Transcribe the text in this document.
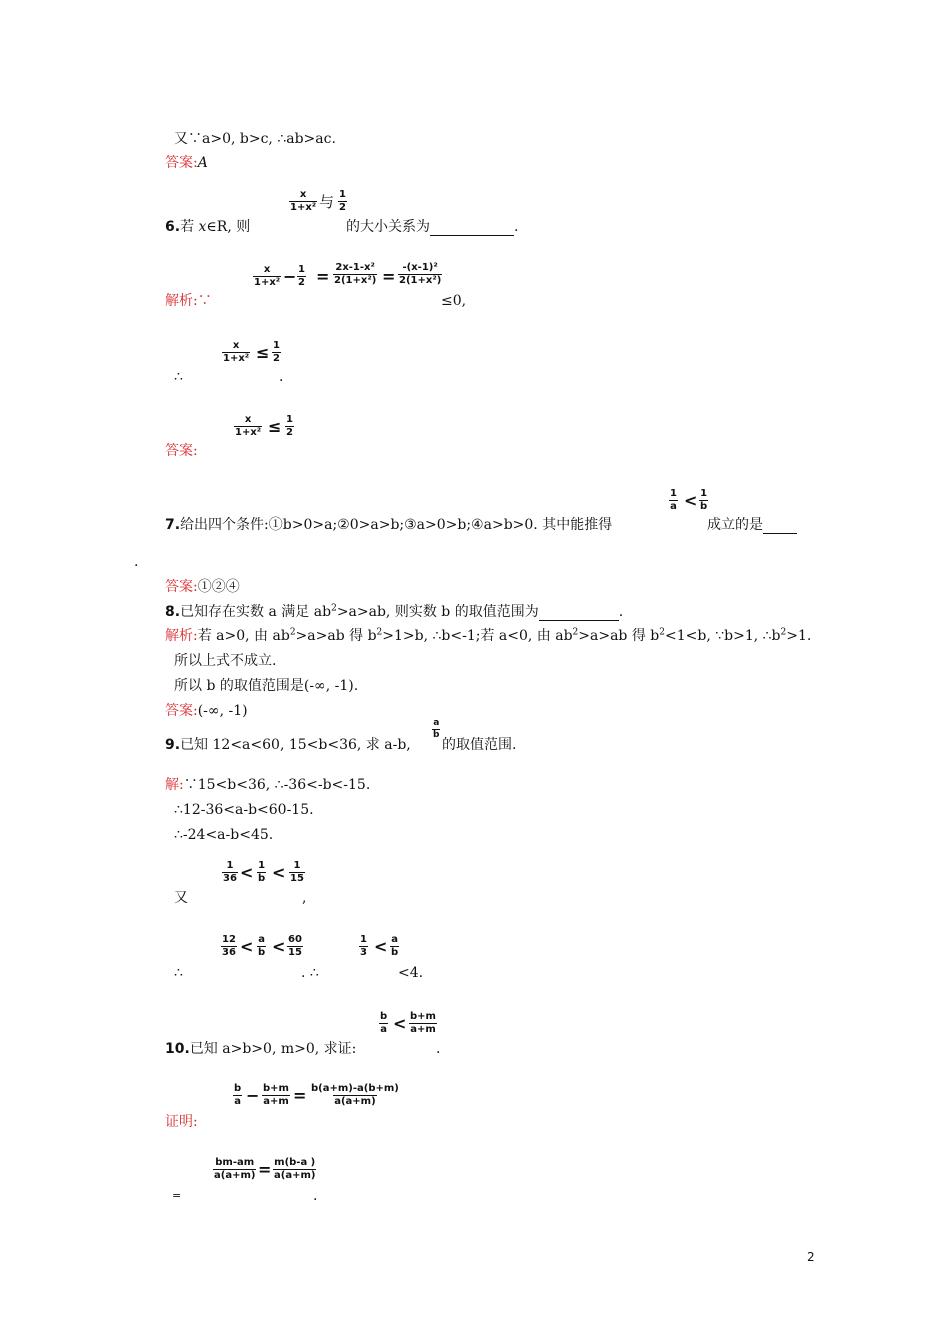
又∵a>0, b>c, ∴ab>ac.
答案:A
x
1+x² 与 1
2
6.若 x∈R, 则	的大小关系为	.
x
1+x² − 1
2 = 2x-1-x²
2(1+x²) = -(x-1)²
2(1+x²)
解析:∵	≤0,
x
1+x² ≤ 1
2
∴	.
x
1+x² ≤ 1
2
答案:
1
a < 1
b
7.给出四个条件:①b>0>a;②0>a>b;③a>0>b;④a>b>0. 其中能推得	成立的是
.
答案:①②④
8.已知存在实数 a 满足 $ab^2>a>ab$, 则实数 b 的取值范围为	.
解析:若 a>0, 由 $ab^2>a>ab$ 得 $b^2>1>b$, ∴b<-1;若 a<0, 由 $ab^2>a>ab$ 得 $b^2<1<b$, ∵b>1, $\therefore b^2>1$.
所以上式不成立.
所以 b 的取值范围是(-∞, -1).
答案:(-∞, -1)
a
b
9.已知 12<a<60, 15<b<36, 求 a-b, 的取值范围.
解:∵15<b<36, ∴-36<-b<-15.
∴12-36<a-b<60-15.
∴-24<a-b<45.
1
36 < 1
b < 1
15
又	,
12
36 < a
b < 60
15
1
3 < a
b
∴	. ∴	<4.
b
a < b+m
a+m
10.已知 a>b>0, m>0, 求证:	.
b
a − b+m
a+m = b(a+m)-a(b+m)
a(a+m)
证明:
bm-am
a(a+m) = m(b-a )
a(a+m)
=	.
2
